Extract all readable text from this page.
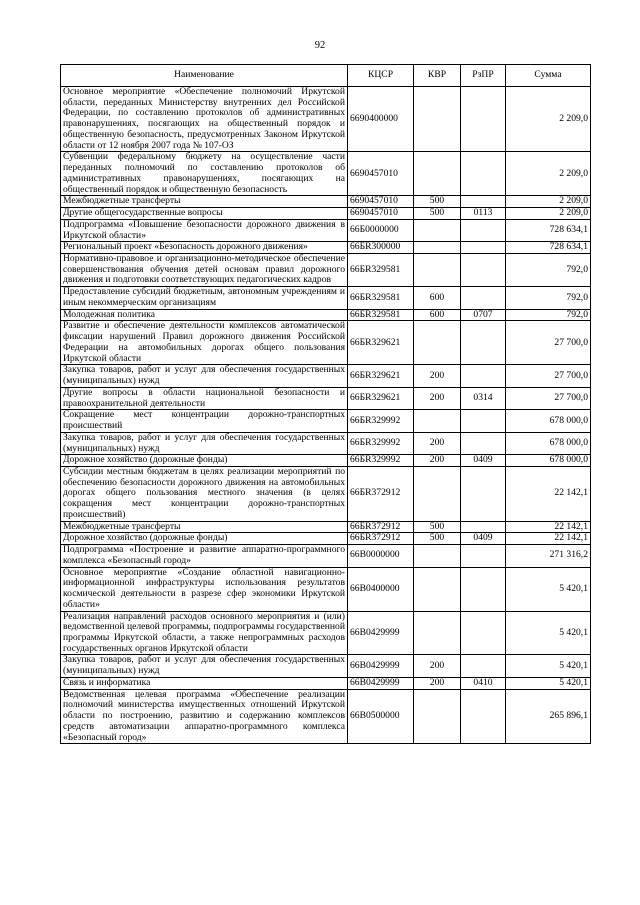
92
Наименование	КЦСР	КВР	РзПР	Сумма
Основное мероприятие «Обеспечение полномочий Иркутской области, переданных Министерству внутренних дел Российской Федерации, по составлению протоколов об административных правонарушениях, посягающих на общественный порядок и общественную безопасность, предусмотренных Законом Иркутской области от 12 ноября 2007 года № 107-ОЗ	6690400000			2 209,0
Субвенции федеральному бюджету на осуществление части переданных полномочий по составлению протоколов об административных правонарушениях, посягающих на общественный порядок и общественную безопасность	6690457010			2 209,0
Межбюджетные трансферты	6690457010	500		2 209,0
Другие общегосударственные вопросы	6690457010	500	0113	2 209,0
Подпрограмма «Повышение безопасности дорожного движения в Иркутской области»	66Б0000000			728 634,1
Региональный проект «Безопасность дорожного движения»	66БR300000			728 634,1
Нормативно-правовое и организационно-методическое обеспечение совершенствования обучения детей основам правил дорожного движения и подготовки соответствующих педагогических кадров	66БR329581			792,0
Предоставление субсидий бюджетным, автономным учреждениям и иным некоммерческим организациям	66БR329581	600		792,0
Молодежная политика	66БR329581	600	0707	792,0
Развитие и обеспечение деятельности комплексов автоматической фиксации нарушений Правил дорожного движения Российской Федерации на автомобильных дорогах общего пользования Иркутской области	66БR329621			27 700,0
Закупка товаров, работ и услуг для обеспечения государственных (муниципальных) нужд	66БR329621	200		27 700,0
Другие вопросы в области национальной безопасности и правоохранительной деятельности	66БR329621	200	0314	27 700,0
Сокращение мест концентрации дорожно-транспортных происшествий	66БR329992			678 000,0
Закупка товаров, работ и услуг для обеспечения государственных (муниципальных) нужд	66БR329992	200		678 000,0
Дорожное хозяйство (дорожные фонды)	66БR329992	200	0409	678 000,0
Субсидии местным бюджетам в целях реализации мероприятий по обеспечению безопасности дорожного движения на автомобильных дорогах общего пользования местного значения (в целях сокращения мест концентрации дорожно-транспортных происшествий)	66БR372912			22 142,1
Межбюджетные трансферты	66БR372912	500		22 142,1
Дорожное хозяйство (дорожные фонды)	66БR372912	500	0409	22 142,1
Подпрограмма «Построение и развитие аппаратно-программного комплекса «Безопасный город»	66В0000000			271 316,2
Основное мероприятие «Создание областной навигационно-информационной инфраструктуры использования результатов космической деятельности в разрезе сфер экономики Иркутской области»	66В0400000			5 420,1
Реализация направлений расходов основного мероприятия и (или) ведомственной целевой программы, подпрограммы государственной программы Иркутской области, а также непрограммных расходов государственных органов Иркутской области	66В0429999			5 420,1
Закупка товаров, работ и услуг для обеспечения государственных (муниципальных) нужд	66В0429999	200		5 420,1
Связь и информатика	66В0429999	200	0410	5 420,1
Ведомственная целевая программа «Обеспечение реализации полномочий министерства имущественных отношений Иркутской области по построению, развитию и содержанию комплексов средств автоматизации аппаратно-программного комплекса «Безопасный город»	66В0500000			265 896,1
